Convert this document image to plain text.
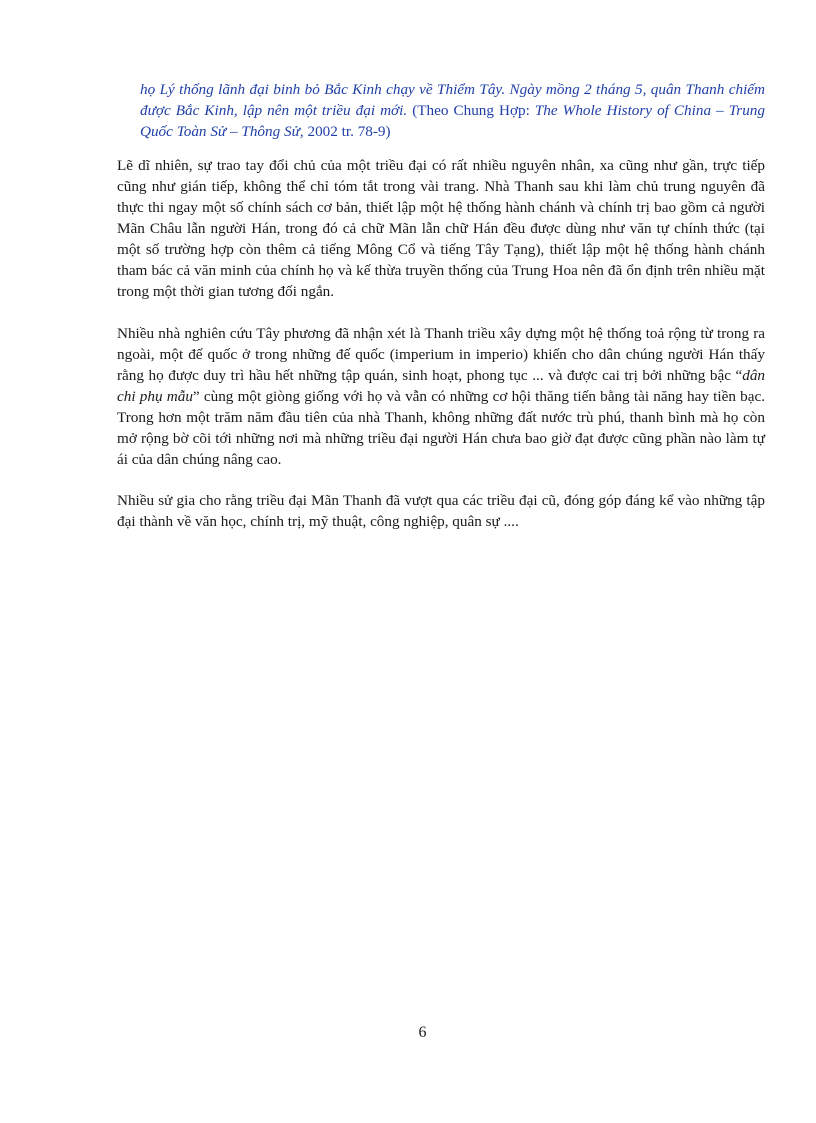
họ Lý thống lãnh đại binh bỏ Bắc Kinh chạy về Thiểm Tây. Ngày mồng 2 tháng 5, quân Thanh chiếm được Bắc Kinh, lập nên một triều đại mới. (Theo Chung Hợp: The Whole History of China – Trung Quốc Toàn Sử – Thông Sử, 2002 tr. 78-9)

Lẽ dĩ nhiên, sự trao tay đổi chủ của một triều đại có rất nhiều nguyên nhân, xa cũng như gần, trực tiếp cũng như gián tiếp, không thể chỉ tóm tắt trong vài trang. Nhà Thanh sau khi làm chủ trung nguyên đã thực thi ngay một số chính sách cơ bản, thiết lập một hệ thống hành chánh và chính trị bao gồm cả người Mãn Châu lẫn người Hán, trong đó cả chữ Mãn lẫn chữ Hán đều được dùng như văn tự chính thức (tại một số trường hợp còn thêm cả tiếng Mông Cổ và tiếng Tây Tạng), thiết lập một hệ thống hành chánh tham bác cả văn minh của chính họ và kế thừa truyền thống của Trung Hoa nên đã ổn định trên nhiều mặt trong một thời gian tương đối ngắn.

Nhiều nhà nghiên cứu Tây phương đã nhận xét là Thanh triều xây dựng một hệ thống toả rộng từ trong ra ngoài, một đế quốc ở trong những đế quốc (imperium in imperio) khiến cho dân chúng người Hán thấy rằng họ được duy trì hầu hết những tập quán, sinh hoạt, phong tục ... và được cai trị bởi những bậc “dân chi phụ mẫu” cùng một giòng giống với họ và vẫn có những cơ hội thăng tiến bằng tài năng hay tiền bạc. Trong hơn một trăm năm đầu tiên của nhà Thanh, không những đất nước trù phú, thanh bình mà họ còn mở rộng bờ cõi tới những nơi mà những triều đại người Hán chưa bao giờ đạt được cũng phần nào làm tự ái của dân chúng nâng cao.

Nhiều sử gia cho rằng triều đại Mãn Thanh đã vượt qua các triều đại cũ, đóng góp đáng kể vào những tập đại thành về văn học, chính trị, mỹ thuật, công nghiệp, quân sự ....

6
